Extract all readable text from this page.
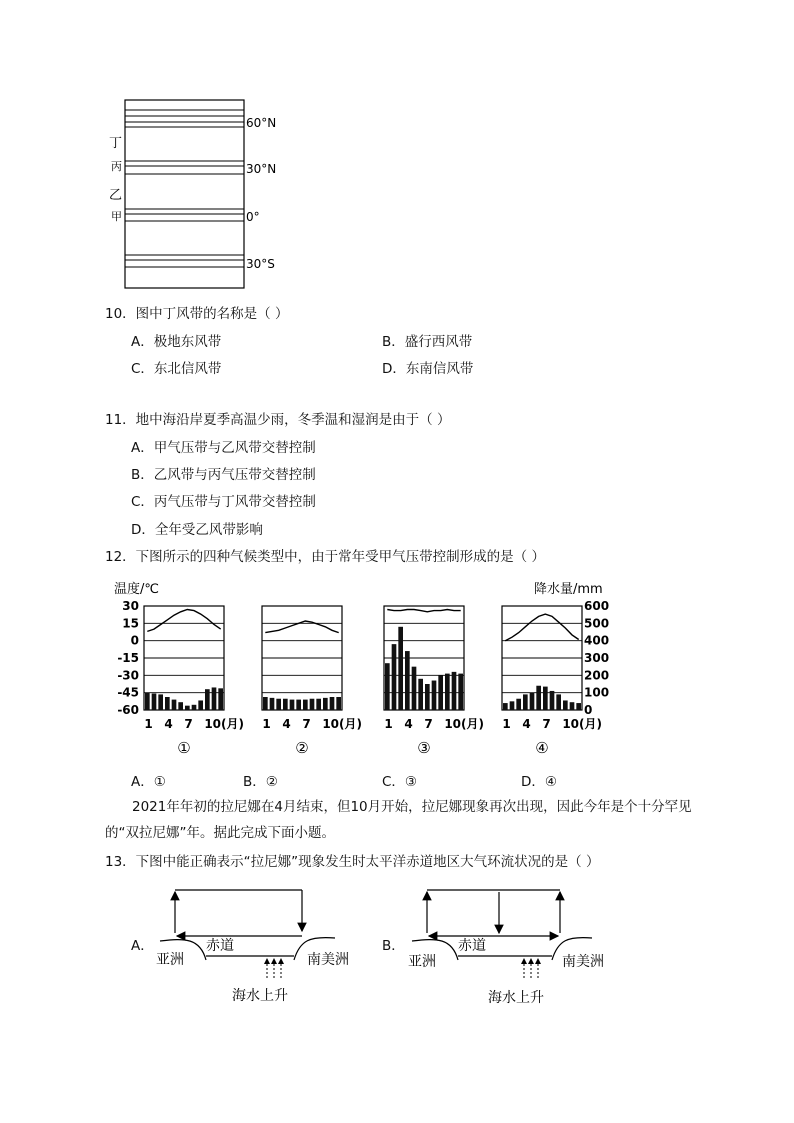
60°N
30°N
0°
30°S
丁
丙
乙
甲
10．图中丁风带的名称是（ ）
A．极地东风带	B．盛行西风带
C．东北信风带	D．东南信风带
11．地中海沿岸夏季高温少雨，冬季温和湿润是由于（ ）
A．甲气压带与乙风带交替控制
B．乙风带与丙气压带交替控制
C．丙气压带与丁风带交替控制
D．全年受乙风带影响
12．下图所示的四种气候类型中，由于常年受甲气压带控制形成的是（ ）
温度/℃	降水量/mm
30
15
0
-15
-30
-45
-60
600
500
400
300
200
100
0
1 4 7 10(月)
①
1 4 7 10(月)
②
1 4 7 10(月)
③
1 4 7 10(月)
④
A．①	B．②	C．③	D．④
2021年年初的拉尼娜在4月结束，但10月开始，拉尼娜现象再次出现，因此今年是个十分罕见的“双拉尼娜”年。据此完成下面小题。
13．下图中能正确表示“拉尼娜”现象发生时太平洋赤道地区大气环流状况的是（ ）
A．	赤道
亚洲	南美洲
海水上升
B．	赤道
亚洲	南美洲
海水上升
